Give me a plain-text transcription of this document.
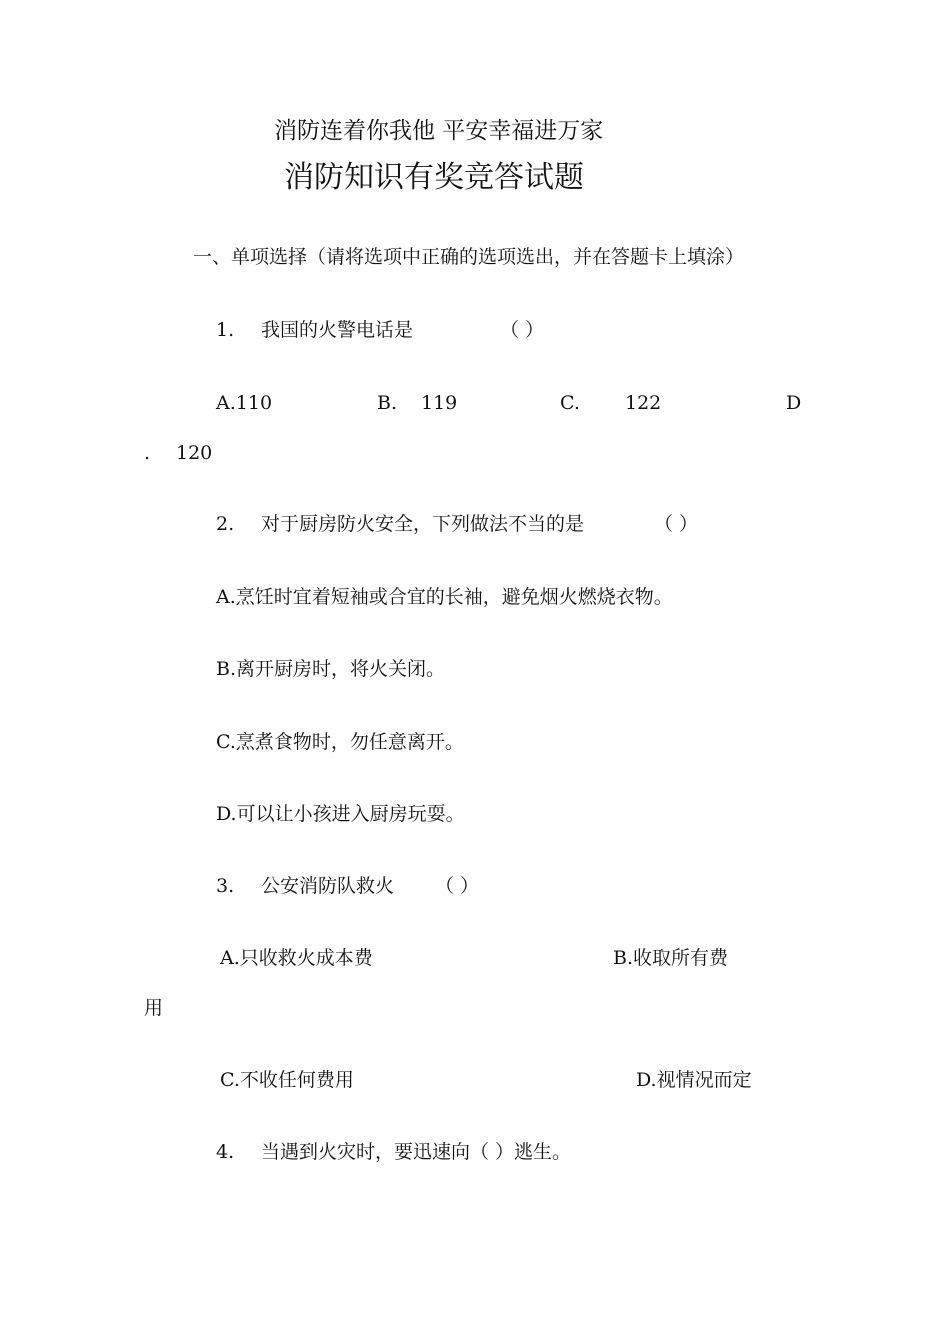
消防连着你我他 平安幸福进万家
消防知识有奖竞答试题
一、单项选择（请将选项中正确的选项选出，并在答题卡上填涂）
1. 我国的火警电话是	（ ）
A.110	B. 119	C. 122	D
. 120
2. 对于厨房防火安全，下列做法不当的是	（ ）
A.烹饪时宜着短袖或合宜的长袖，避免烟火燃烧衣物。
B.离开厨房时，将火关闭。
C.烹煮食物时，勿任意离开。
D.可以让小孩进入厨房玩耍。
3. 公安消防队救火 （ ）
A.只收救火成本费	B.收取所有费
用
C.不收任何费用	D.视情况而定
4. 当遇到火灾时，要迅速向（ ）逃生。
